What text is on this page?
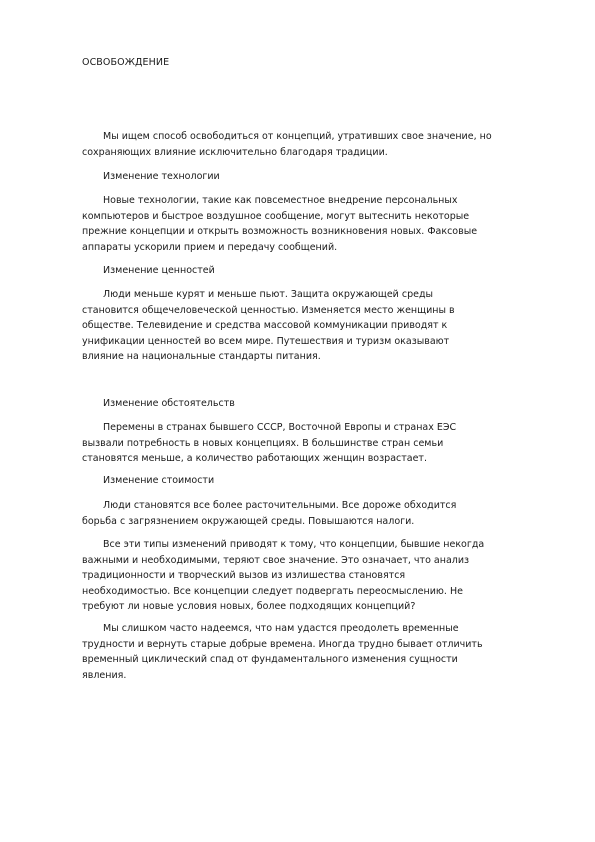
ОСВОБОЖДЕНИЕ
Мы ищем способ освободиться от концепций, утративших свое значение, но
сохраняющих влияние исключительно благодаря традиции.
Изменение технологии
Новые технологии, такие как повсеместное внедрение персональных
компьютеров и быстрое воздушное сообщение, могут вытеснить некоторые
прежние концепции и открыть возможность возникновения новых. Факсовые
аппараты ускорили прием и передачу сообщений.
Изменение ценностей
Люди меньше курят и меньше пьют. Защита окружающей среды
становится общечеловеческой ценностью. Изменяется место женщины в
обществе. Телевидение и средства массовой коммуникации приводят к
унификации ценностей во всем мире. Путешествия и туризм оказывают
влияние на национальные стандарты питания.
Изменение обстоятельств
Перемены в странах бывшего СССР, Восточной Европы и странах ЕЭС
вызвали потребность в новых концепциях. В большинстве стран семьи
становятся меньше, а количество работающих женщин возрастает.
Изменение стоимости
Люди становятся все более расточительными. Все дороже обходится
борьба с загрязнением окружающей среды. Повышаются налоги.
Все эти типы изменений приводят к тому, что концепции, бывшие некогда
важными и необходимыми, теряют свое значение. Это означает, что анализ
традиционности и творческий вызов из излишества становятся
необходимостью. Все концепции следует подвергать переосмыслению. Не
требуют ли новые условия новых, более подходящих концепций?
Мы слишком часто надеемся, что нам удастся преодолеть временные
трудности и вернуть старые добрые времена. Иногда трудно бывает отличить
временный циклический спад от фундаментального изменения сущности
явления.
